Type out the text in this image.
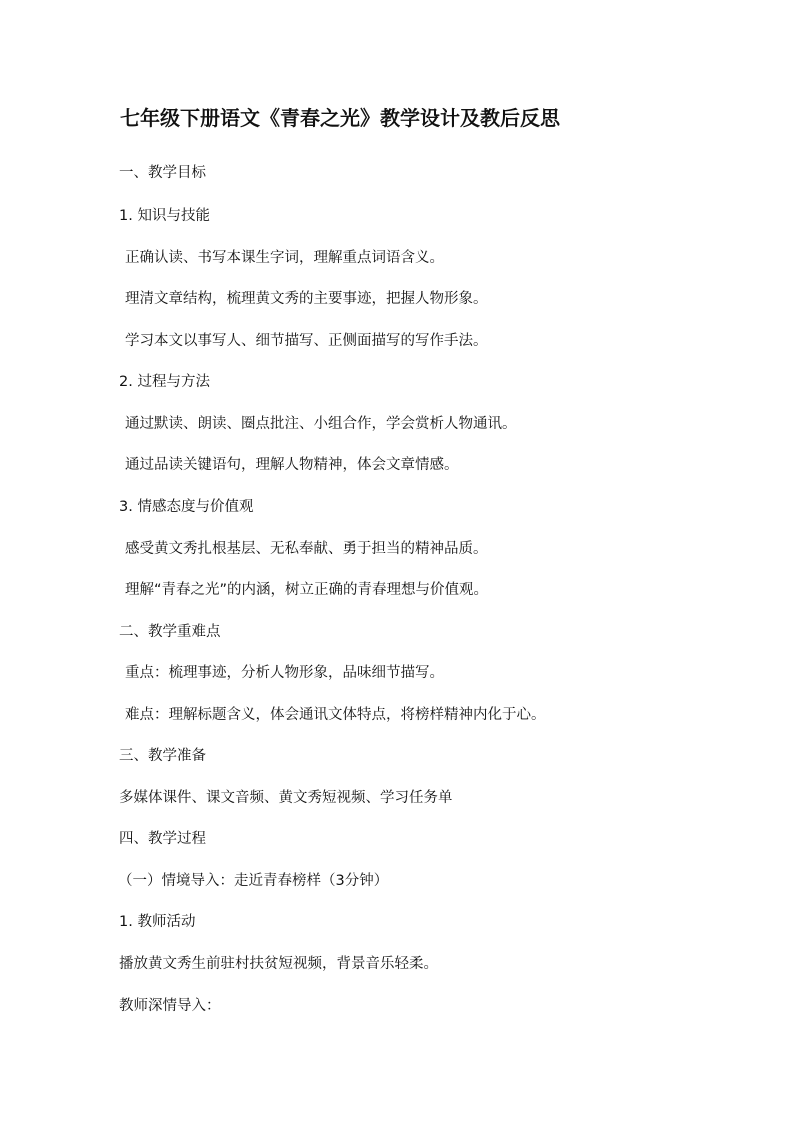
七年级下册语文《青春之光》教学设计及教后反思

一、教学目标

1. 知识与技能

正确认读、书写本课生字词，理解重点词语含义。

理清文章结构，梳理黄文秀的主要事迹，把握人物形象。

学习本文以事写人、细节描写、正侧面描写的写作手法。

2. 过程与方法

通过默读、朗读、圈点批注、小组合作，学会赏析人物通讯。

通过品读关键语句，理解人物精神，体会文章情感。

3. 情感态度与价值观

感受黄文秀扎根基层、无私奉献、勇于担当的精神品质。

理解“青春之光”的内涵，树立正确的青春理想与价值观。

二、教学重难点

重点：梳理事迹，分析人物形象，品味细节描写。

难点：理解标题含义，体会通讯文体特点，将榜样精神内化于心。

三、教学准备

多媒体课件、课文音频、黄文秀短视频、学习任务单

四、教学过程

（一）情境导入：走近青春榜样（3分钟）

1. 教师活动

播放黄文秀生前驻村扶贫短视频，背景音乐轻柔。

教师深情导入：
